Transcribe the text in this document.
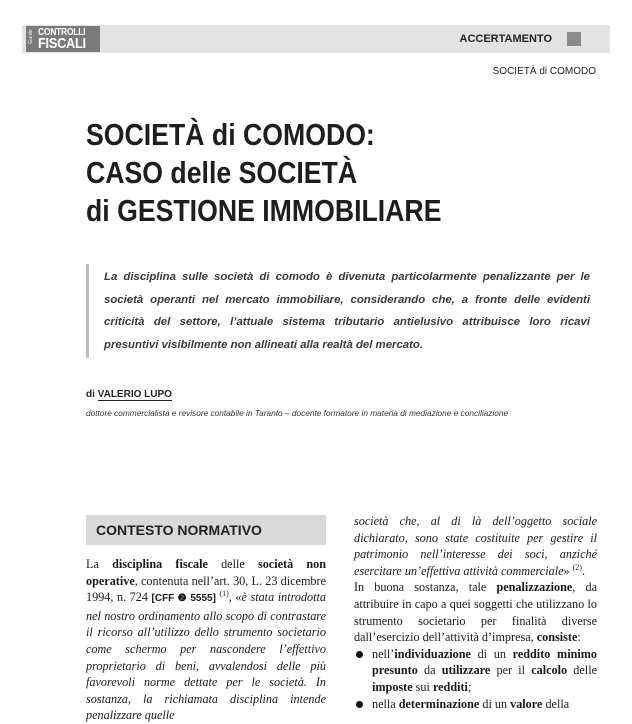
Guide CONTROLLI
FISCALI	ACCERTAMENTO
SOCIETÀ di COMODO
SOCIETÀ di COMODO:
CASO delle SOCIETÀ
di GESTIONE IMMOBILIARE
La disciplina sulle società di comodo è divenuta particolarmente penalizzante per le società operanti nel mercato immobiliare, considerando che, a fronte delle evidenti criticità del settore, l’attuale sistema tributario antielusivo attribuisce loro ricavi presuntivi visibilmente non allineati alla realtà del mercato.
di VALERIO LUPO
dottore commercialista e revisore contabile in Taranto – docente formatore in materia di mediazione e conciliazione
CONTESTO NORMATIVO

La disciplina fiscale delle società non operative, contenuta nell’art. 30, L. 23 dicembre 1994, n. 724 [CFF ❷ 5555] $^{(1)}$, «è stata introdotta nel nostro ordinamento allo scopo di contrastare il ricorso all’utilizzo dello strumento societario come schermo per nascondere l’effettivo proprietario di beni, avvalendosi delle più favorevoli norme dettate per le società. In sostanza, la richiamata disciplina intende penalizzare quelle

società che, al di là dell’oggetto sociale dichiarato, sono state costituite per gestire il patrimonio nell’interesse dei soci, anziché esercitare un’effettiva attività commerciale» $^{(2)}$.

In buona sostanza, tale penalizzazione, da attribuire in capo a quei soggetti che utilizzano lo strumento societario per finalità diverse dall’esercizio dell’attività d’impresa, consiste:

nell’individuazione di un reddito minimo presunto da utilizzare per il calcolo delle imposte sui redditi;
nella determinazione di un valore della
